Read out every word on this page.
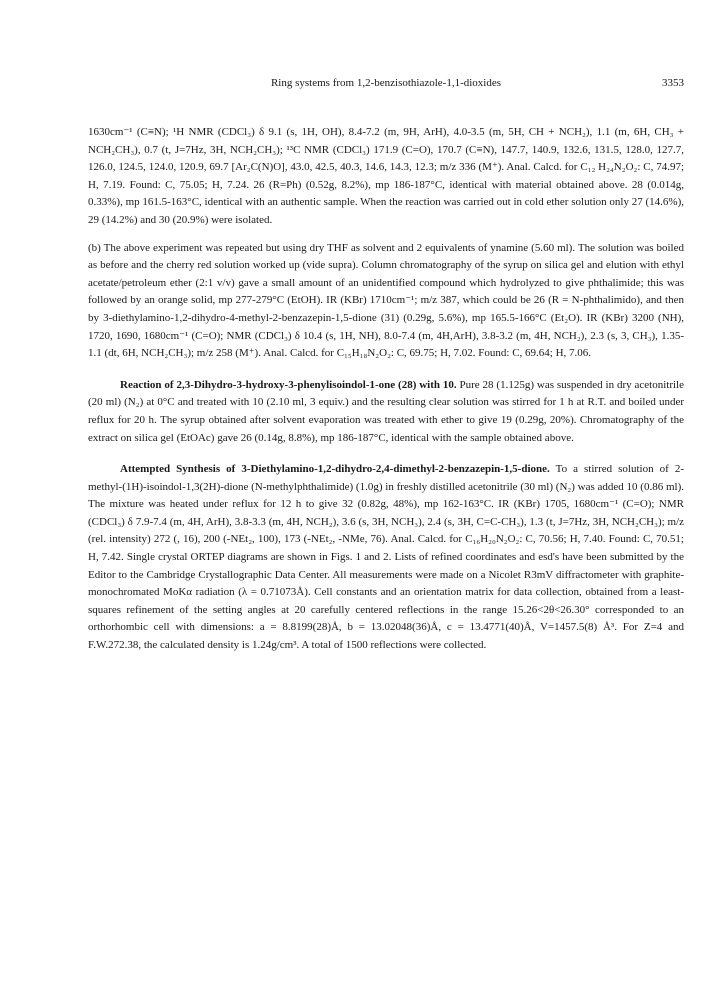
Ring systems from 1,2-benzisothiazole-1,1-dioxides	3353

1630cm⁻¹ (C≡N); ¹H NMR (CDCl₃) δ 9.1 (s, 1H, OH), 8.4-7.2 (m, 9H, ArH), 4.0-3.5 (m, 5H, CH + NCH₂), 1.1 (m, 6H, CH₃ + NCH₂CH₃), 0.7 (t, J=7Hz, 3H, NCH₂CH₃); ¹³C NMR (CDCl₃) 171.9 (C=O), 170.7 (C≡N), 147.7, 140.9, 132.6, 131.5, 128.0, 127.7, 126.0, 124.5, 124.0, 120.9, 69.7 [Ar₂C(N)O], 43.0, 42.5, 40.3, 14.6, 14.3, 12.3; m/z 336 (M⁺). Anal. Calcd. for C₁₂ H₂₄N₂O₂: C, 74.97; H, 7.19. Found: C, 75.05; H, 7.24. 26 (R=Ph) (0.52g, 8.2%), mp 186-187°C, identical with material obtained above. 28 (0.014g, 0.33%), mp 161.5-163°C, identical with an authentic sample. When the reaction was carried out in cold ether solution only 27 (14.6%), 29 (14.2%) and 30 (20.9%) were isolated.

(b) The above experiment was repeated but using dry THF as solvent and 2 equivalents of ynamine (5.60 ml). The solution was boiled as before and the cherry red solution worked up (vide supra). Column chromatography of the syrup on silica gel and elution with ethyl acetate/petroleum ether (2:1 v/v) gave a small amount of an unidentified compound which hydrolyzed to give phthalimide; this was followed by an orange solid, mp 277-279°C (EtOH). IR (KBr) 1710cm⁻¹; m/z 387, which could be 26 (R = N-phthalimido), and then by 3-diethylamino-1,2-dihydro-4-methyl-2-benzazepin-1,5-dione (31) (0.29g, 5.6%), mp 165.5-166°C (Et₂O). IR (KBr) 3200 (NH), 1720, 1690, 1680cm⁻¹ (C=O); NMR (CDCl₃) δ 10.4 (s, 1H, NH), 8.0-7.4 (m, 4H,ArH), 3.8-3.2 (m, 4H, NCH₂), 2.3 (s, 3, CH₃), 1.35-1.1 (dt, 6H, NCH₂CH₃); m/z 258 (M⁺). Anal. Calcd. for C₁₅H₁₈N₂O₂: C, 69.75; H, 7.02. Found: C, 69.64; H, 7.06.

Reaction of 2,3-Dihydro-3-hydroxy-3-phenylisoindol-1-one (28) with 10. Pure 28 (1.125g) was suspended in dry acetonitrile (20 ml) (N₂) at 0°C and treated with 10 (2.10 ml, 3 equiv.) and the resulting clear solution was stirred for 1 h at R.T. and boiled under reflux for 20 h. The syrup obtained after solvent evaporation was treated with ether to give 19 (0.29g, 20%). Chromatography of the extract on silica gel (EtOAc) gave 26 (0.14g, 8.8%), mp 186-187°C, identical with the sample obtained above.

Attempted Synthesis of 3-Diethylamino-1,2-dihydro-2,4-dimethyl-2-benzazepin-1,5-dione. To a stirred solution of 2-methyl-(1H)-isoindol-1,3(2H)-dione (N-methylphthalimide) (1.0g) in freshly distilled acetonitrile (30 ml) (N₂) was added 10 (0.86 ml). The mixture was heated under reflux for 12 h to give 32 (0.82g, 48%), mp 162-163°C. IR (KBr) 1705, 1680cm⁻¹ (C=O); NMR (CDCl₃) δ 7.9-7.4 (m, 4H, ArH), 3.8-3.3 (m, 4H, NCH₂), 3.6 (s, 3H, NCH₃), 2.4 (s, 3H, C=C-CH₃), 1.3 (t, J=7Hz, 3H, NCH₂CH₃); m/z (rel. intensity) 272 (, 16), 200 (-NEt₂, 100), 173 (-NEt₂, -NMe, 76). Anal. Calcd. for C₁₆H₂₀N₂O₂: C, 70.56; H, 7.40. Found: C, 70.51; H, 7.42. Single crystal ORTEP diagrams are shown in Figs. 1 and 2. Lists of refined coordinates and esd's have been submitted by the Editor to the Cambridge Crystallographic Data Center. All measurements were made on a Nicolet R3mV diffractometer with graphite-monochromated MoKα radiation (λ = 0.71073Å). Cell constants and an orientation matrix for data collection, obtained from a least-squares refinement of the setting angles at 20 carefully centered reflections in the range 15.26<2θ<26.30° corresponded to an orthorhombic cell with dimensions: a = 8.8199(28)Å, b = 13.02048(36)Å, c = 13.4771(40)Å, V=1457.5(8) Å³. For Z=4 and F.W.272.38, the calculated density is 1.24g/cm³. A total of 1500 reflections were collected.
